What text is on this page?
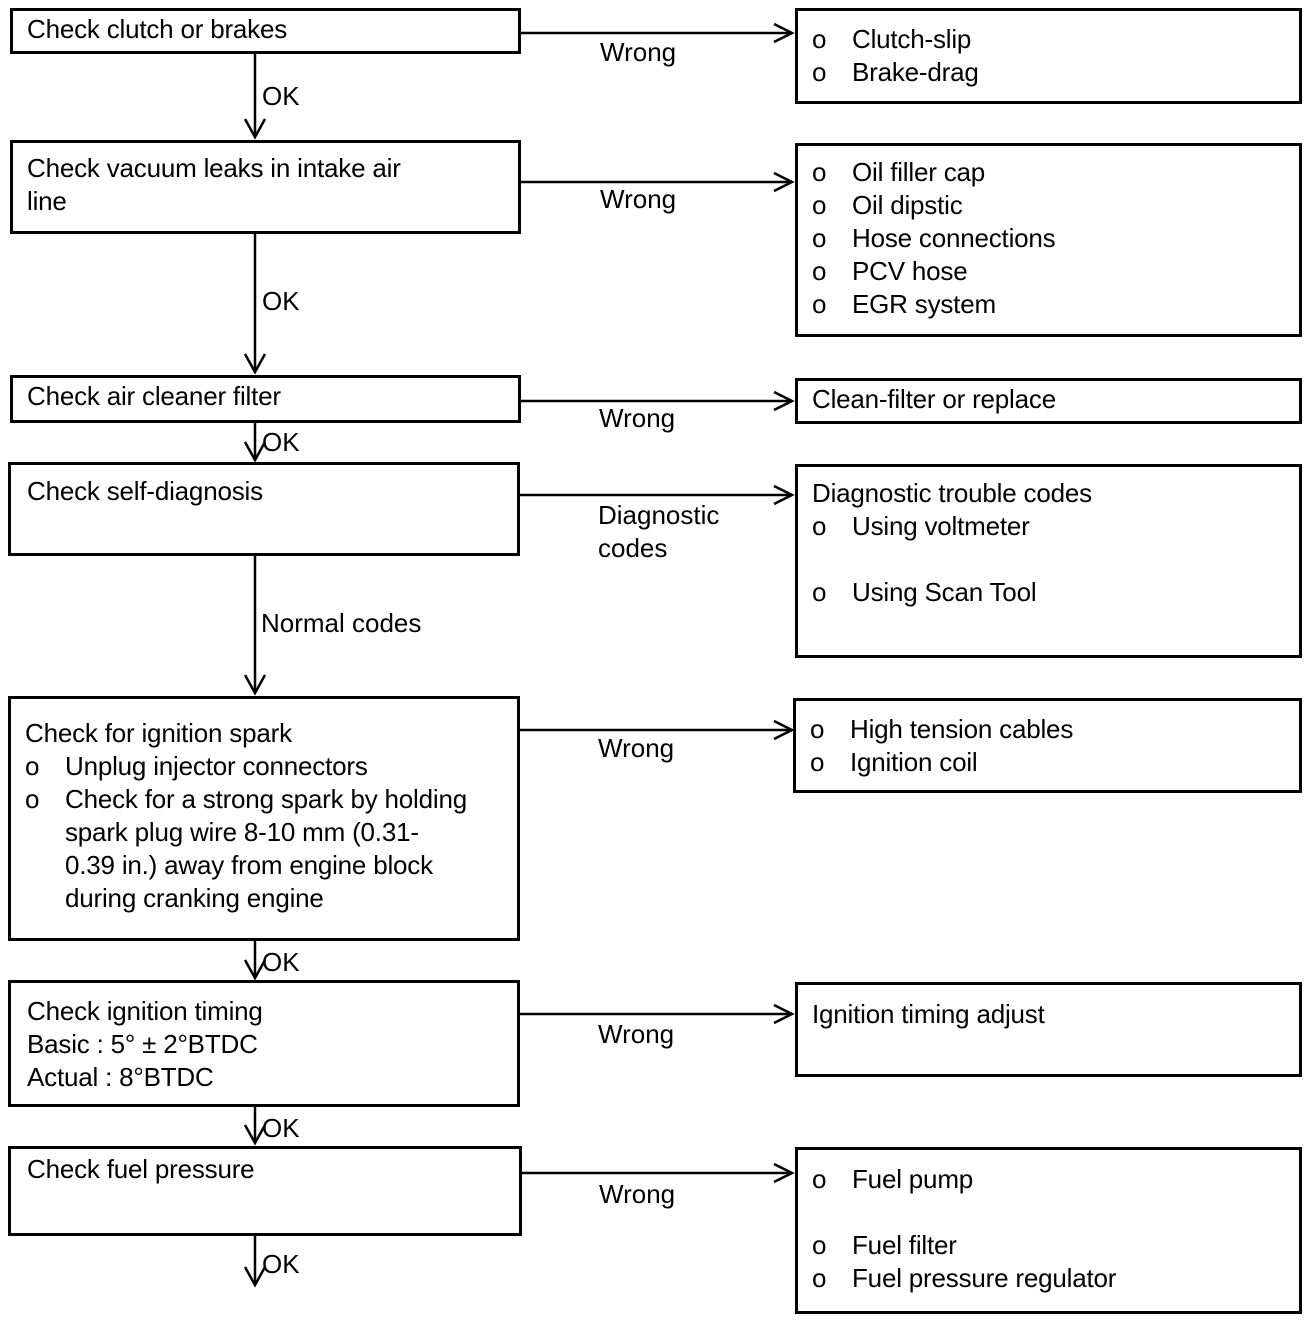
Check clutch or brakes
Check vacuum leaks in intake air
line
Check air cleaner filter
Check self-diagnosis
Check for ignition spark
o Unplug injector connectors
o Check for a strong spark by holding
spark plug wire 8-10 mm (0.31-
0.39 in.) away from engine block
during cranking engine
Check ignition timing
Basic : 5° ± 2°BTDC
Actual : 8°BTDC
Check fuel pressure
OK
OK
OK
Normal codes
OK
OK
OK
Wrong
Wrong
Wrong
Diagnostic
codes
Wrong
Wrong
Wrong
o Clutch-slip
o Brake-drag
o Oil filler cap
o Oil dipstic
o Hose connections
o PCV hose
o EGR system
Clean-filter or replace
Diagnostic trouble codes
o Using voltmeter
o Using Scan Tool
o High tension cables
o Ignition coil
Ignition timing adjust
o Fuel pump
o Fuel filter
o Fuel pressure regulator
